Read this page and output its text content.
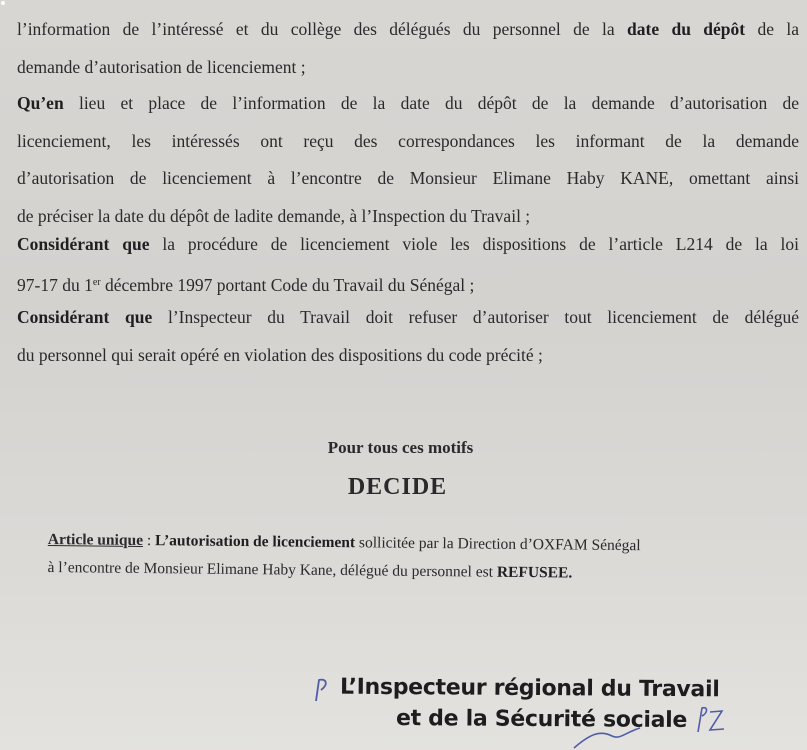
l’information de l’intéressé et du collège des délégués du personnel de la date du dépôt de la
demande d’autorisation de licenciement ;
Qu’en lieu et place de l’information de la date du dépôt de la demande d’autorisation de
licenciement, les intéressés ont reçu des correspondances les informant de la demande
d’autorisation de licenciement à l’encontre de Monsieur Elimane Haby KANE, omettant ainsi
de préciser la date du dépôt de ladite demande, à l’Inspection du Travail ;
Considérant que la procédure de licenciement viole les dispositions de l’article L214 de la loi
97-17 du 1er décembre 1997 portant Code du Travail du Sénégal ;
Considérant que l’Inspecteur du Travail doit refuser d’autoriser tout licenciement de délégué
du personnel qui serait opéré en violation des dispositions du code précité ;
Pour tous ces motifs
DECIDE
Article unique : L’autorisation de licenciement sollicitée par la Direction d’OXFAM Sénégal
à l’encontre de Monsieur Elimane Haby Kane, délégué du personnel est REFUSEE.
L’Inspecteur régional du Travail
et de la Sécurité sociale
